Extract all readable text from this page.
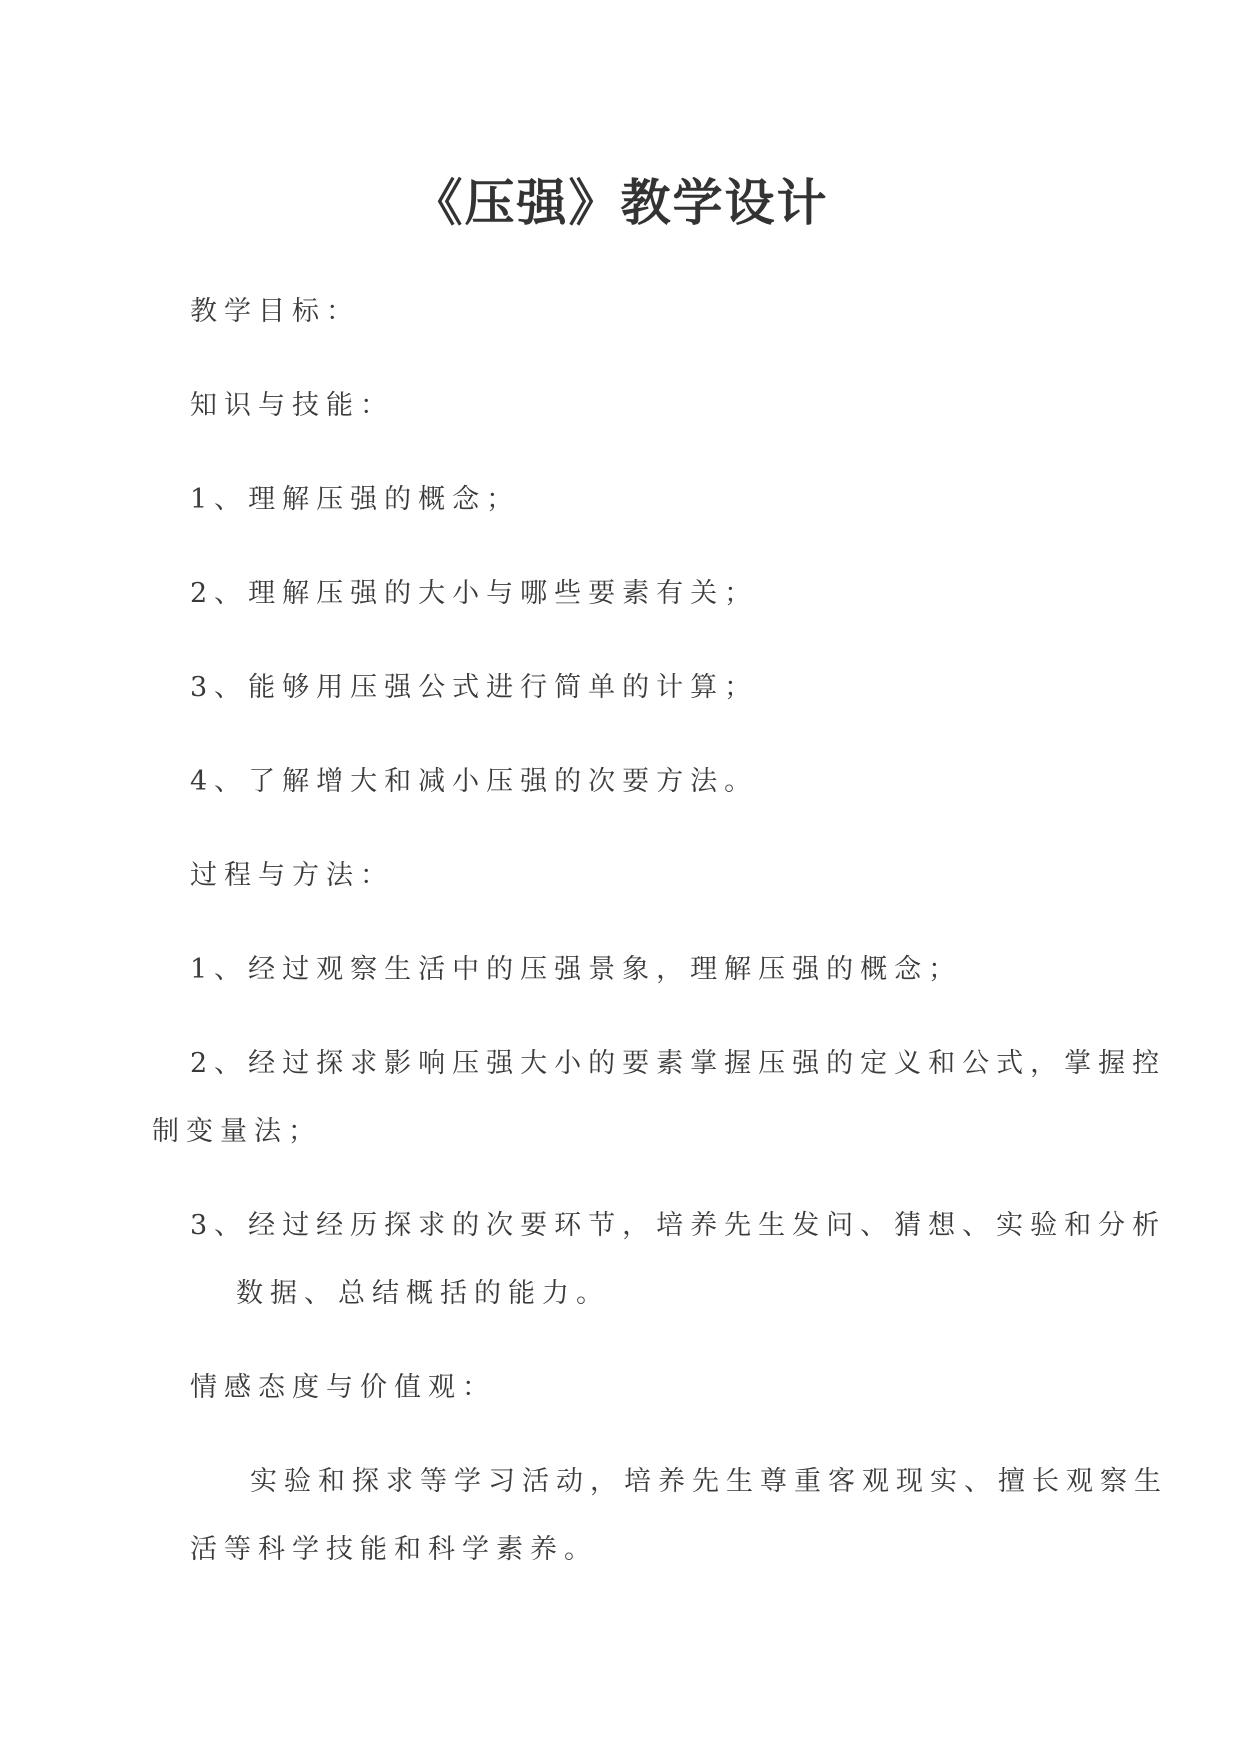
《压强》教学设计
教学目标：
知识与技能：
1、理解压强的概念；
2、理解压强的大小与哪些要素有关；
3、能够用压强公式进行简单的计算；
4、了解增大和减小压强的次要方法。
过程与方法：
1、经过观察生活中的压强景象，理解压强的概念；
2、经过探求影响压强大小的要素掌握压强的定义和公式，掌握控
制变量法；
3、经过经历探求的次要环节，培养先生发问、猜想、实验和分析
数据、总结概括的能力。
情感态度与价值观：
实验和探求等学习活动，培养先生尊重客观现实、擅长观察生
活等科学技能和科学素养。
